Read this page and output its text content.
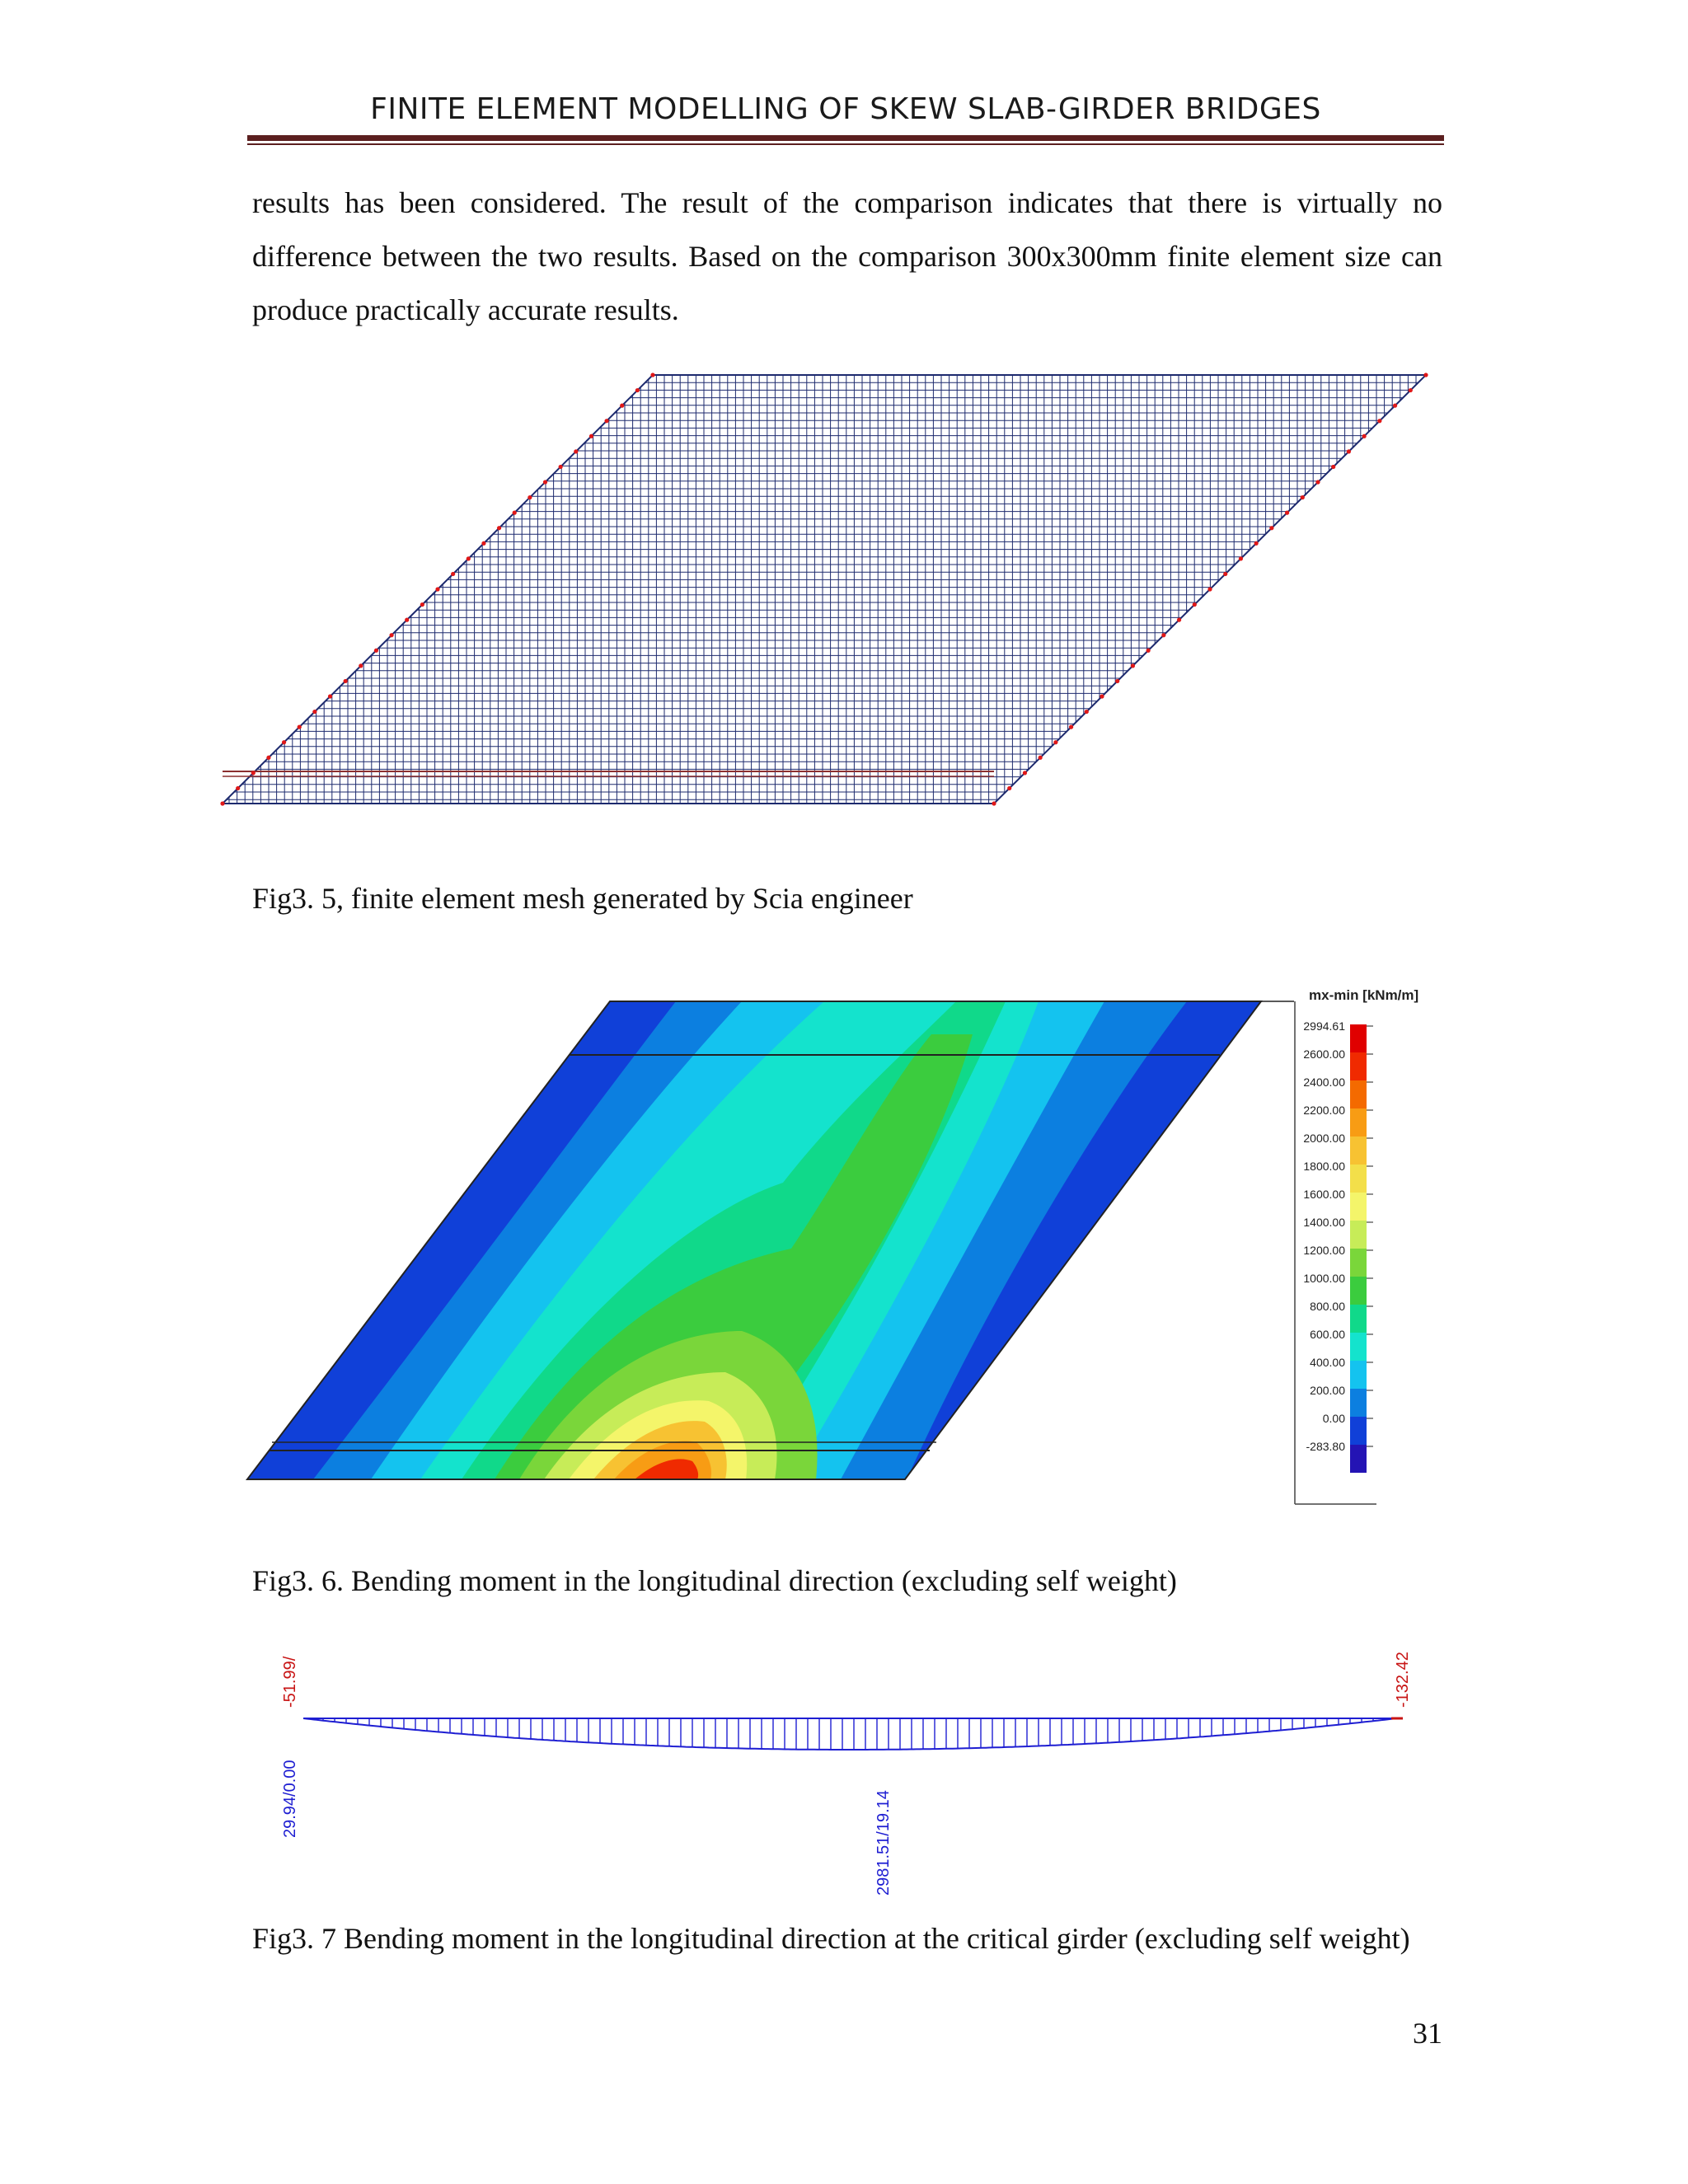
FINITE ELEMENT MODELLING OF SKEW SLAB-GIRDER BRIDGES

results has been considered. The result of the comparison indicates that there is virtually no difference between the two results. Based on the comparison 300x300mm finite element size can produce practically accurate results.

Fig3. 5, finite element mesh generated by Scia engineer

mx-min [kNm/m]
2994.61
2600.00
2400.00
2200.00
2000.00
1800.00
1600.00
1400.00
1200.00
1000.00
800.00
600.00
400.00
200.00
0.00
-283.80

Fig3. 6. Bending moment in the longitudinal direction (excluding self weight)

-51.99/
29.94/0.00	2981.51/19.14
-132.42

Fig3. 7 Bending moment in the longitudinal direction at the critical girder (excluding self weight)

31
